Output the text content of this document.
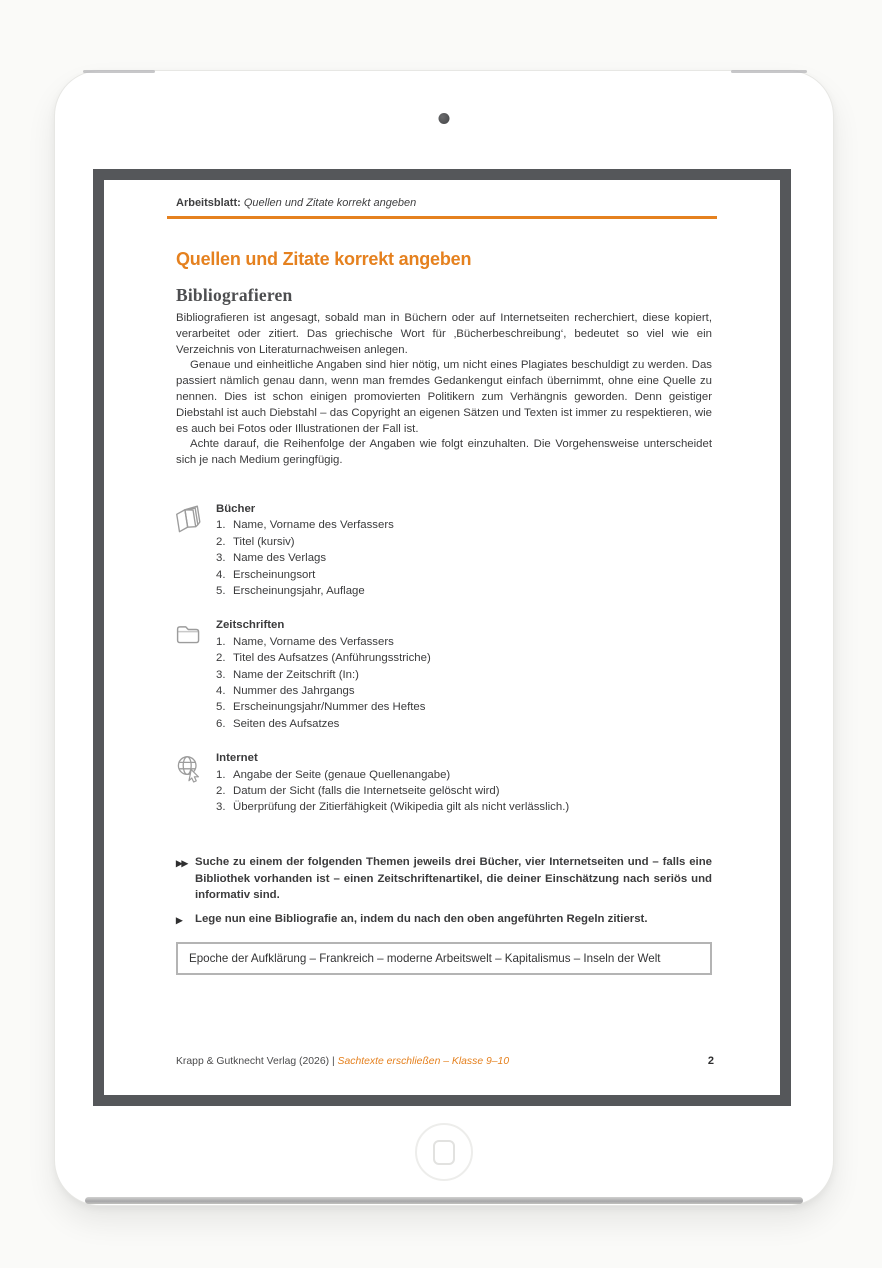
Arbeitsblatt: Quellen und Zitate korrekt angeben
Quellen und Zitate korrekt angeben
Bibliografieren

Bibliografieren ist angesagt, sobald man in Büchern oder auf Internetseiten recherchiert, diese kopiert, verarbeitet oder zitiert. Das griechische Wort für ‚Bücherbeschreibung‘, bedeutet so viel wie ein Verzeichnis von Literaturnachweisen anlegen.

Genaue und einheitliche Angaben sind hier nötig, um nicht eines Plagiates beschuldigt zu werden. Das passiert nämlich genau dann, wenn man fremdes Gedankengut einfach übernimmt, ohne eine Quelle zu nennen. Dies ist schon einigen promovierten Politikern zum Verhängnis geworden. Denn geistiger Diebstahl ist auch Diebstahl – das Copyright an eigenen Sätzen und Texten ist immer zu respektieren, wie es auch bei Fotos oder Illustrationen der Fall ist.

Achte darauf, die Reihenfolge der Angaben wie folgt einzuhalten. Die Vorgehensweise unterscheidet sich je nach Medium geringfügig.

Bücher
Name, Vorname des Verfassers
Titel (kursiv)
Name des Verlags
Erscheinungsort
Erscheinungsjahr, Auflage
Zeitschriften
Name, Vorname des Verfassers
Titel des Aufsatzes (Anführungsstriche)
Name der Zeitschrift (In:)
Nummer des Jahrgangs
Erscheinungsjahr/Nummer des Heftes
Seiten des Aufsatzes
Internet
Angabe der Seite (genaue Quellenangabe)
Datum der Sicht (falls die Internetseite gelöscht wird)
Überprüfung der Zitierfähigkeit (Wikipedia gilt als nicht verlässlich.)
▶▶ Suche zu einem der folgenden Themen jeweils drei Bücher, vier Internetseiten und – falls eine Bibliothek vorhanden ist – einen Zeitschriftenartikel, die deiner Einschätzung nach seriös und informativ sind.
▶ Lege nun eine Bibliografie an, indem du nach den oben angeführten Regeln zitierst.
Epoche der Aufklärung – Frankreich – moderne Arbeitswelt – Kapitalismus – Inseln der Welt
Krapp & Gutknecht Verlag (2026) | Sachtexte erschließen – Klasse 9–10	2
